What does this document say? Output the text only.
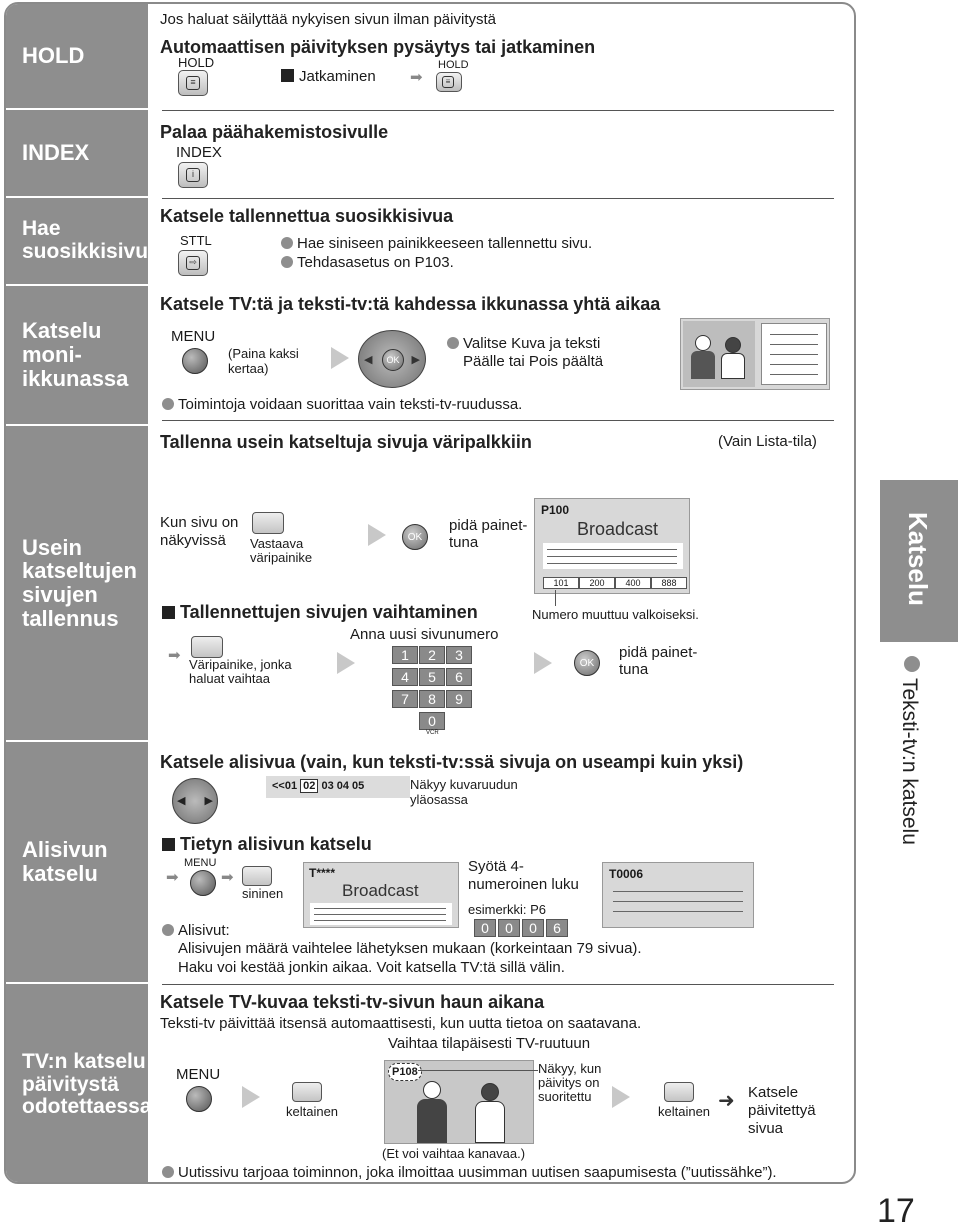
HOLD
INDEX
Hae suosikkisivu
Katselu moni-ikkunassa
Usein katseltujen sivujen tallennus
Alisivun katselu
TV:n katselu päivitystä odotettaessa
Jos haluat säilyttää nykyisen sivun ilman päivitystä
Automaattisen päivityksen pysäytys tai jatkaminen
HOLD
≡	Jatkaminen ➡
HOLD
≡
Palaa päähakemistosivulle
INDEX
i
Katsele tallennettua suosikkisivua
STTL
⇨
Hae siniseen painikkeeseen tallennettu sivu.
Tehdasasetus on P103.
Katsele TV:tä ja teksti-tv:tä kahdessa ikkunassa yhtä aikaa
MENU
(Paina kaksi kertaa)
OK
◀	▶
Valitse Kuva ja teksti
Päälle tai Pois päältä
Toimintoja voidaan suorittaa vain teksti-tv-ruudussa.
Tallenna usein katseltuja sivuja väripalkkiin	(Vain Lista-tila)
Kun sivu on näkyvissä	Vastaava väripainike
OK
pidä painet-tuna
P100
Broadcast
101	200	400	888
Numero muuttuu valkoiseksi.
Tallennettujen sivujen vaihtaminen
Anna uusi sivunumero
➡
Väripainike, jonka haluat vaihtaa
1	2	3
4	5	6
7	8	9
0
VCR
OK
pidä painet-tuna
Katsele alisivua (vain, kun teksti-tv:ssä sivuja on useampi kuin yksi)
◀ ▶
<<01 02 03 04 05	Näkyy kuvaruudun yläosassa
Tietyn alisivun katselu
MENU
➡	➡
sininen
T****
Broadcast
Syötä 4-numeroinen luku
esimerkki: P6
0	0	0	6
T0006
Alisivut:
Alisivujen määrä vaihtelee lähetyksen mukaan (korkeintaan 79 sivua).
Haku voi kestää jonkin aikaa. Voit katsella TV:tä sillä välin.
Katsele TV-kuvaa teksti-tv-sivun haun aikana
Teksti-tv päivittää itsensä automaattisesti, kun uutta tietoa on saatavana.
Vaihtaa tilapäisesti TV-ruutuun
MENU
keltainen
P108	Näkyy, kun päivitys on suoritettu
keltainen ➜ Katsele päivitettyä sivua
(Et voi vaihtaa kanavaa.)
Uutissivu tarjoaa toiminnon, joka ilmoittaa uusimman uutisen saapumisesta (”uutissähke”).
Katselu
Teksti-tv:n katselu
17
